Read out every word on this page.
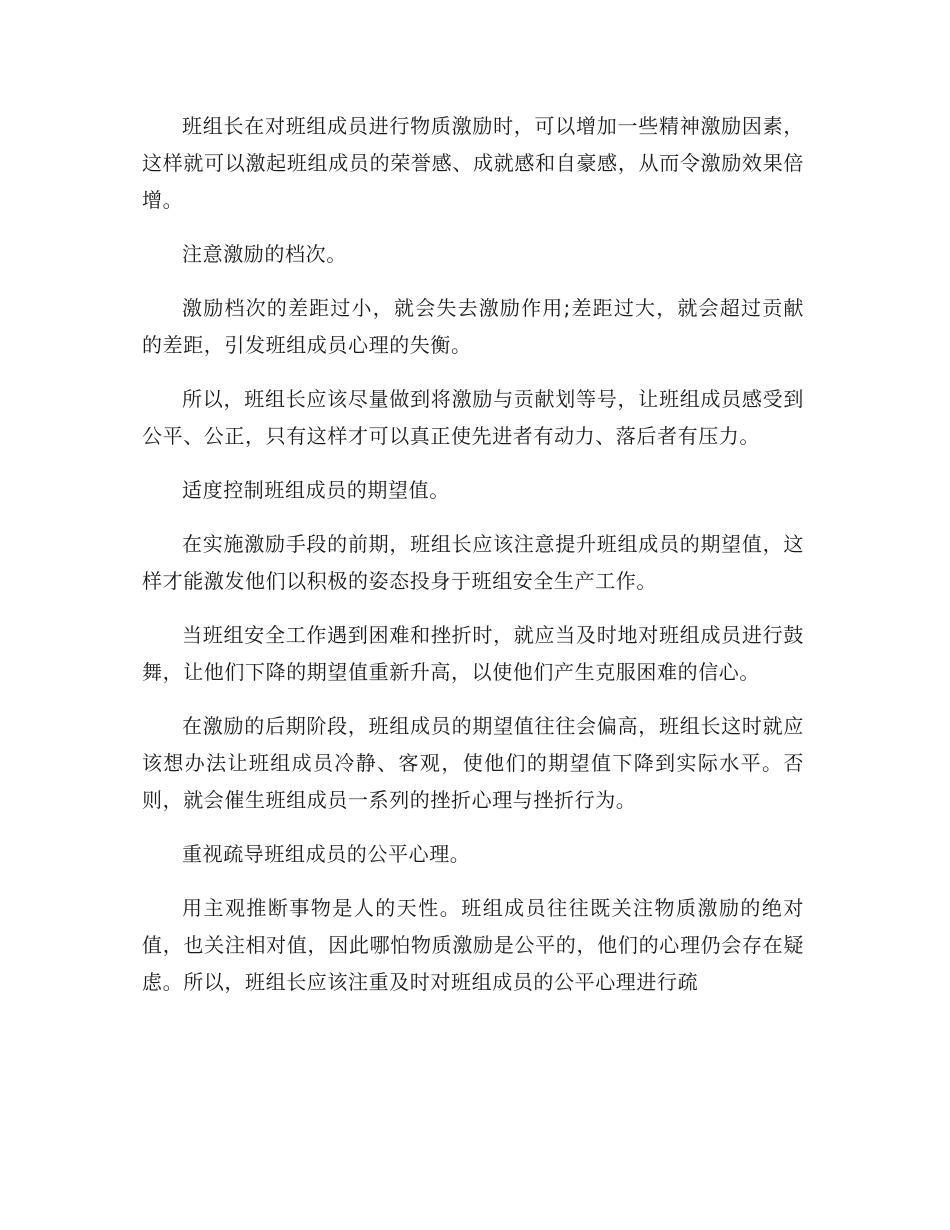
班组长在对班组成员进行物质激励时，可以增加一些精神激励因素，这样就可以激起班组成员的荣誉感、成就感和自豪感，从而令激励效果倍增。

注意激励的档次。

激励档次的差距过小，就会失去激励作用;差距过大，就会超过贡献的差距，引发班组成员心理的失衡。

所以，班组长应该尽量做到将激励与贡献划等号，让班组成员感受到公平、公正，只有这样才可以真正使先进者有动力、落后者有压力。

适度控制班组成员的期望值。

在实施激励手段的前期，班组长应该注意提升班组成员的期望值，这样才能激发他们以积极的姿态投身于班组安全生产工作。

当班组安全工作遇到困难和挫折时，就应当及时地对班组成员进行鼓舞，让他们下降的期望值重新升高，以使他们产生克服困难的信心。

在激励的后期阶段，班组成员的期望值往往会偏高，班组长这时就应该想办法让班组成员冷静、客观，使他们的期望值下降到实际水平。否则，就会催生班组成员一系列的挫折心理与挫折行为。

重视疏导班组成员的公平心理。

用主观推断事物是人的天性。班组成员往往既关注物质激励的绝对值，也关注相对值，因此哪怕物质激励是公平的，他们的心理仍会存在疑虑。所以，班组长应该注重及时对班组成员的公平心理进行疏
